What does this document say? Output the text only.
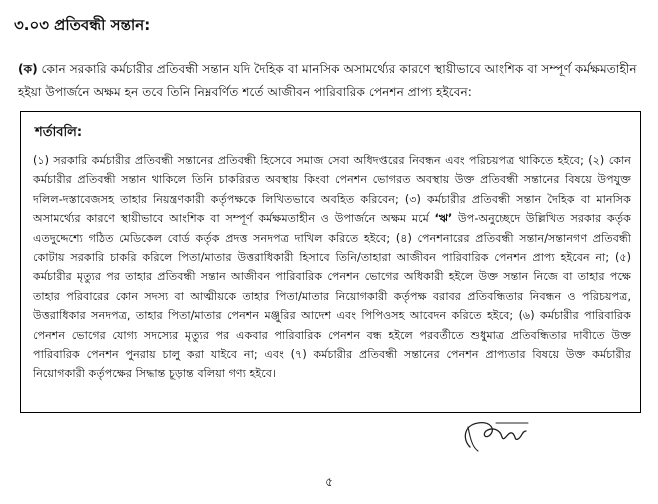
৩.০৩ প্রতিবন্ধী সন্তান:
(ক) কোন সরকারি কর্মচারীর প্রতিবন্ধী সন্তান যদি দৈহিক বা মানসিক অসামর্থ্যের কারণে স্থায়ীভাবে আংশিক বা সম্পূর্ণ কর্মক্ষমতাহীন হইয়া উপার্জনে অক্ষম হন তবে তিনি নিম্নবর্ণিত শর্তে আজীবন পারিবারিক পেনশন প্রাপ্য হইবেন:
শর্তাবলি:
(১) সরকারি কর্মচারীর প্রতিবন্ধী সন্তানের প্রতিবন্ধী হিসেবে সমাজ সেবা অধিদপ্তরের নিবন্ধন এবং পরিচয়পত্র থাকিতে হইবে; (২) কোন কর্মচারীর প্রতিবন্ধী সন্তান থাকিলে তিনি চাকরিরত অবস্থায় কিংবা পেনশন ভোগরত অবস্থায় উক্ত প্রতিবন্ধী সন্তানের বিষয়ে উপযুক্ত দলিল-দস্তাবেজসহ তাহার নিয়ন্ত্রণকারী কর্তৃপক্ষকে লিখিতভাবে অবহিত করিবেন; (৩) কর্মচারীর প্রতিবন্ধী সন্তান দৈহিক বা মানসিক অসামর্থ্যের কারণে স্থায়ীভাবে আংশিক বা সম্পূর্ণ কর্মক্ষমতাহীন ও উপার্জনে অক্ষম মর্মে ‘ঋ’ উপ-অনুচ্ছেদে উল্লিখিত সরকার কর্তৃক এতদুদ্দেশ্যে গঠিত মেডিকেল বোর্ড কর্তৃক প্রদত্ত সনদপত্র দাখিল করিতে হইবে; (৪) পেনশনারের প্রতিবন্ধী সন্তান/সন্তানগণ প্রতিবন্ধী কোটায় সরকারি চাকরি করিলে পিতা/মাতার উত্তরাধিকারী হিসাবে তিনি/তাহারা আজীবন পারিবারিক পেনশন প্রাপ্য হইবেন না; (৫) কর্মচারীর মৃত্যুর পর তাহার প্রতিবন্ধী সন্তান আজীবন পারিবারিক পেনশন ভোগের অধিকারী হইলে উক্ত সন্তান নিজে বা তাহার পক্ষে তাহার পরিবারের কোন সদস্য বা আত্মীয়কে তাহার পিতা/মাতার নিয়োগকারী কর্তৃপক্ষ বরাবর প্রতিবন্ধিতার নিবন্ধন ও পরিচয়পত্র, উত্তরাধিকার সনদপত্র, তাহার পিতা/মাতার পেনশন মঞ্জুরির আদেশ এবং পিপিওসহ আবেদন করিতে হইবে; (৬) কর্মচারীর পারিবারিক পেনশন ভোগের যোগ্য সদস্যের মৃত্যুর পর একবার পারিবারিক পেনশন বন্ধ হইলে পরবর্তীতে শুধুমাত্র প্রতিবন্ধিতার দাবীতে উক্ত পারিবারিক পেনশন পুনরায় চালু করা যাইবে না; এবং (৭) কর্মচারীর প্রতিবন্ধী সন্তানের পেনশন প্রাপ্যতার বিষয়ে উক্ত কর্মচারীর নিয়োগকারী কর্তৃপক্ষের সিদ্ধান্ত চূড়ান্ত বলিয়া গণ্য হইবে।
৫
